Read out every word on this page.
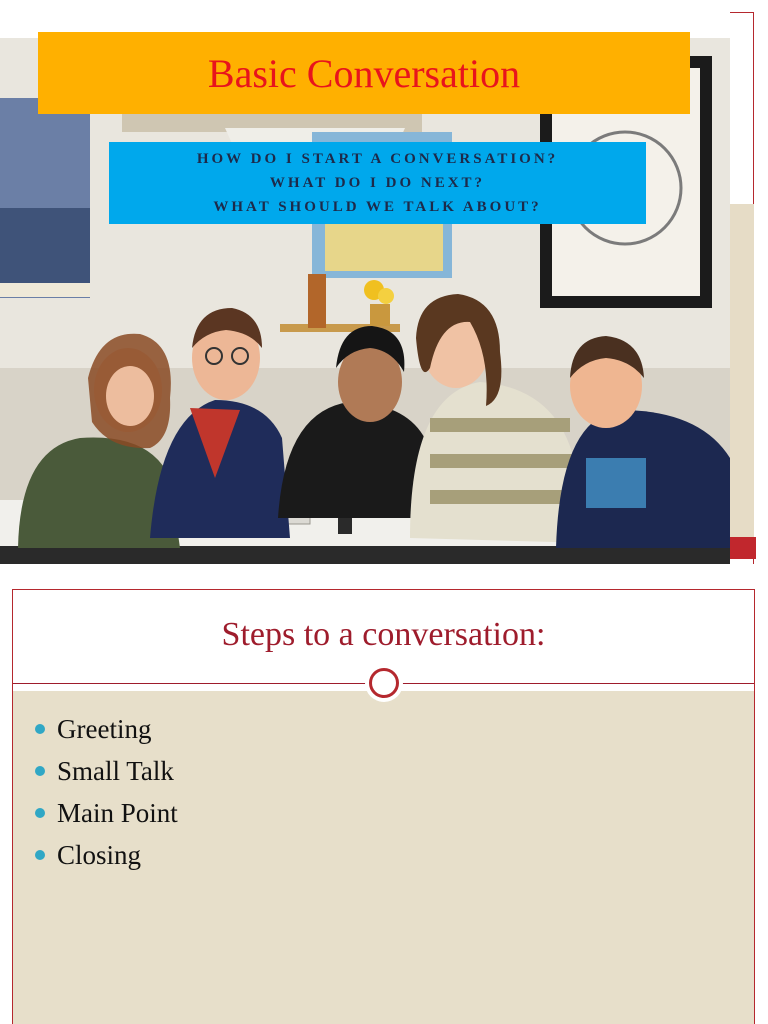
Basic Conversation
HOW DO I START A CONVERSATION?
WHAT DO I DO NEXT?
WHAT SHOULD WE TALK ABOUT?
Steps to a conversation:
Greeting
Small Talk
Main Point
Closing
